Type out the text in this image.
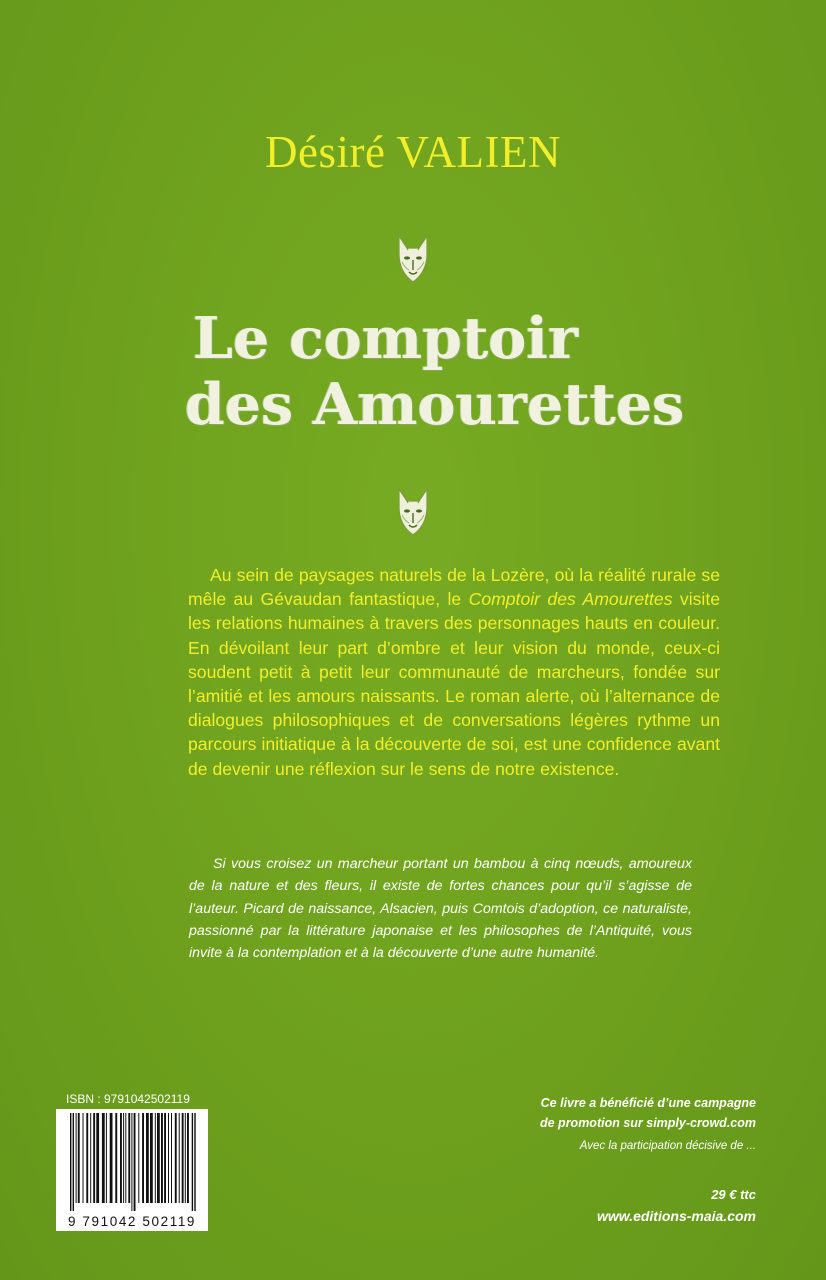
Désiré VALIEN
Le comptoir
des Amourettes

Au sein de paysages naturels de la Lozère, où la réalité rurale se mêle au Gévaudan fantastique, le Comptoir des Amourettes visite les relations humaines à travers des personnages hauts en couleur. En dévoilant leur part d’ombre et leur vision du monde, ceux-ci soudent petit à petit leur communauté de marcheurs, fondée sur l’amitié et les amours naissants. Le roman alerte, où l’alternance de dialogues philosophiques et de conversations légères rythme un parcours initiatique à la découverte de soi, est une confidence avant de devenir une réflexion sur le sens de notre existence.

Si vous croisez un marcheur portant un bambou à cinq nœuds, amoureux de la nature et des fleurs, il existe de fortes chances pour qu’il s’agisse de l’auteur. Picard de naissance, Alsacien, puis Comtois d’adoption, ce naturaliste, passionné par la littérature japonaise et les philosophes de l’Antiquité, vous invite à la contemplation et à la découverte d’une autre humanité.

ISBN : 9791042502119
9 791042 502119
Ce livre a bénéficié d’une campagne
de promotion sur simply-crowd.com
Avec la participation décisive de ...
29 € ttc
www.editions-maia.com
